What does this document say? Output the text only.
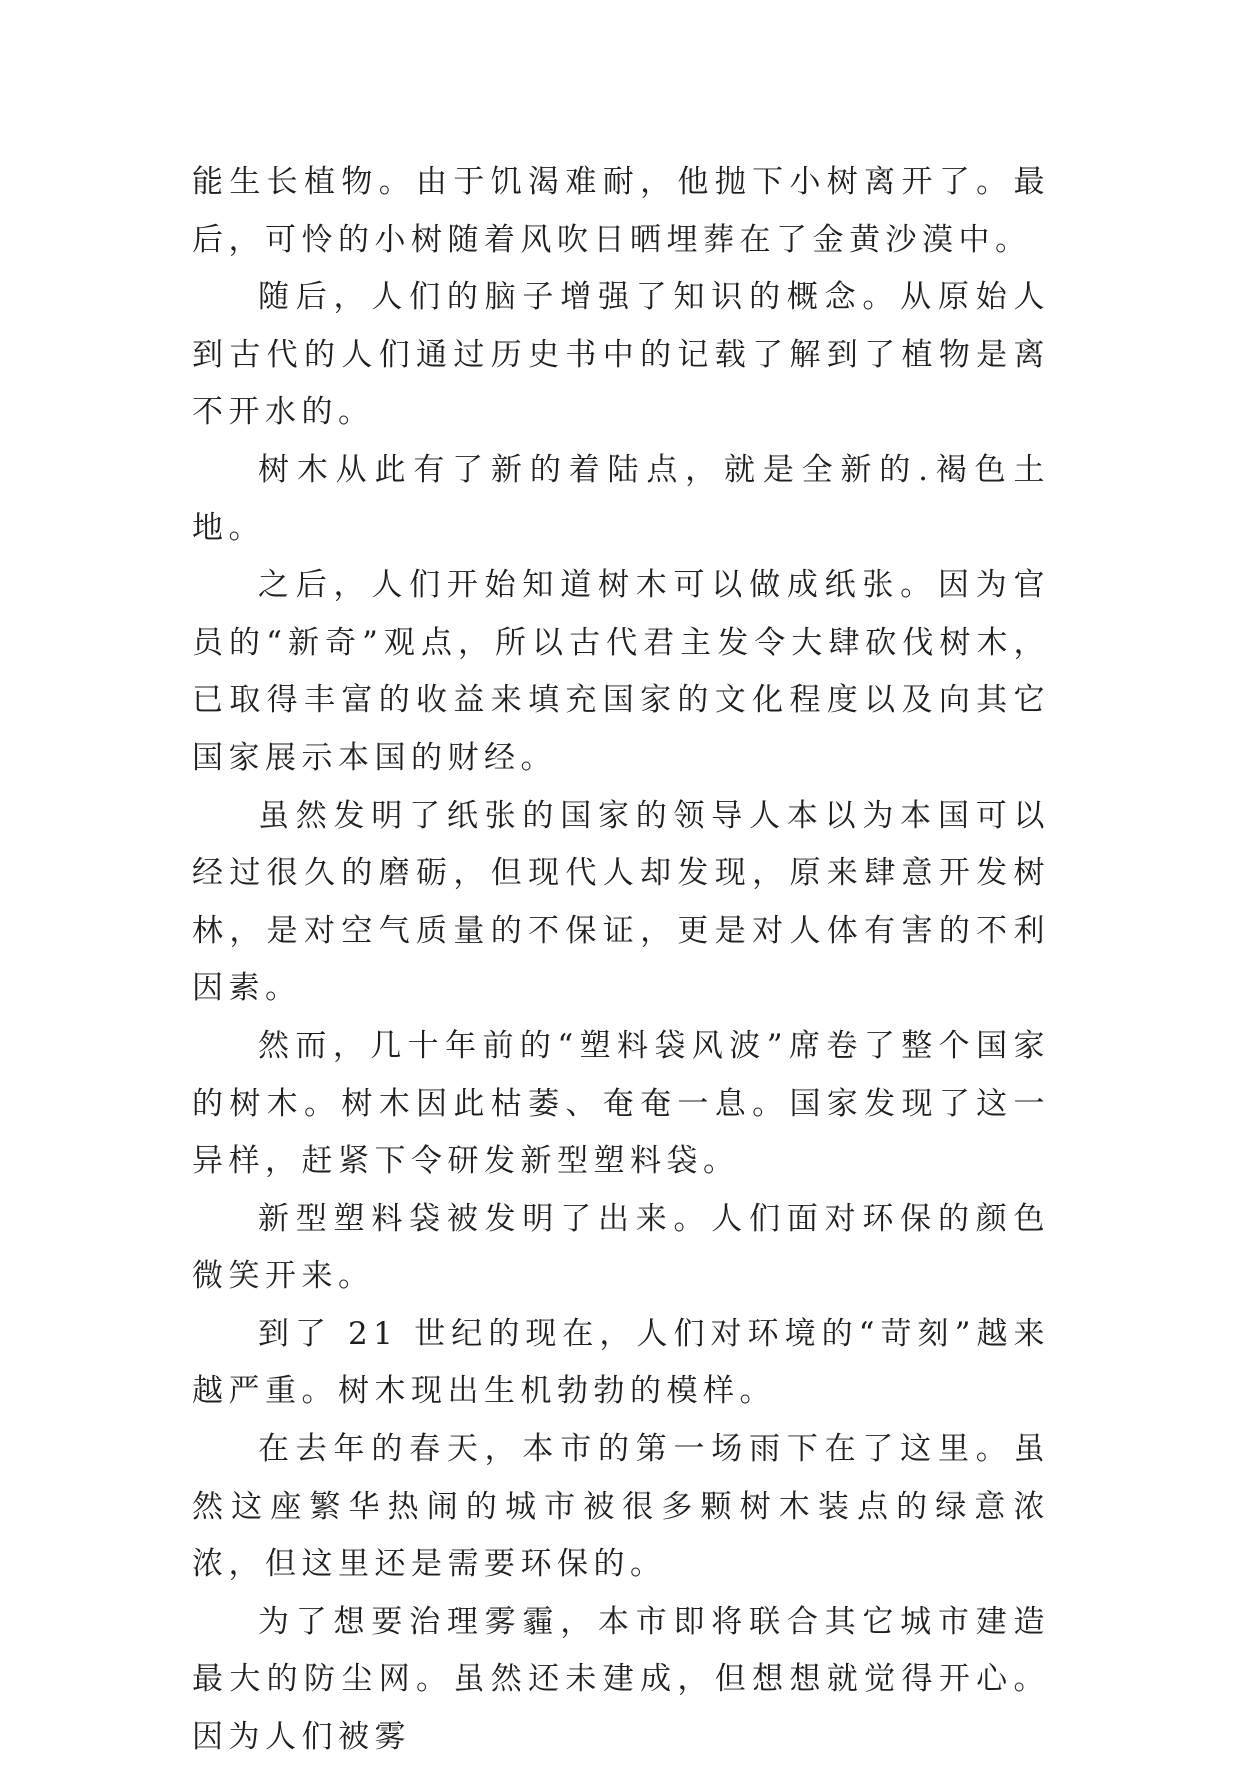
能生长植物。由于饥渴难耐，他抛下小树离开了。最后，可怜的小树随着风吹日晒埋葬在了金黄沙漠中。

随后，人们的脑子增强了知识的概念。从原始人到古代的人们通过历史书中的记载了解到了植物是离不开水的。

树木从此有了新的着陆点，就是全新的.褐色土地。

之后，人们开始知道树木可以做成纸张。因为官员的“新奇”观点，所以古代君主发令大肆砍伐树木，已取得丰富的收益来填充国家的文化程度以及向其它国家展示本国的财经。

虽然发明了纸张的国家的领导人本以为本国可以经过很久的磨砺，但现代人却发现，原来肆意开发树林，是对空气质量的不保证，更是对人体有害的不利因素。

然而，几十年前的“塑料袋风波”席卷了整个国家的树木。树木因此枯萎、奄奄一息。国家发现了这一异样，赶紧下令研发新型塑料袋。

新型塑料袋被发明了出来。人们面对环保的颜色微笑开来。

到了 21 世纪的现在，人们对环境的“苛刻”越来越严重。树木现出生机勃勃的模样。

在去年的春天，本市的第一场雨下在了这里。虽然这座繁华热闹的城市被很多颗树木装点的绿意浓浓，但这里还是需要环保的。

为了想要治理雾霾，本市即将联合其它城市建造最大的防尘网。虽然还未建成，但想想就觉得开心。因为人们被雾
